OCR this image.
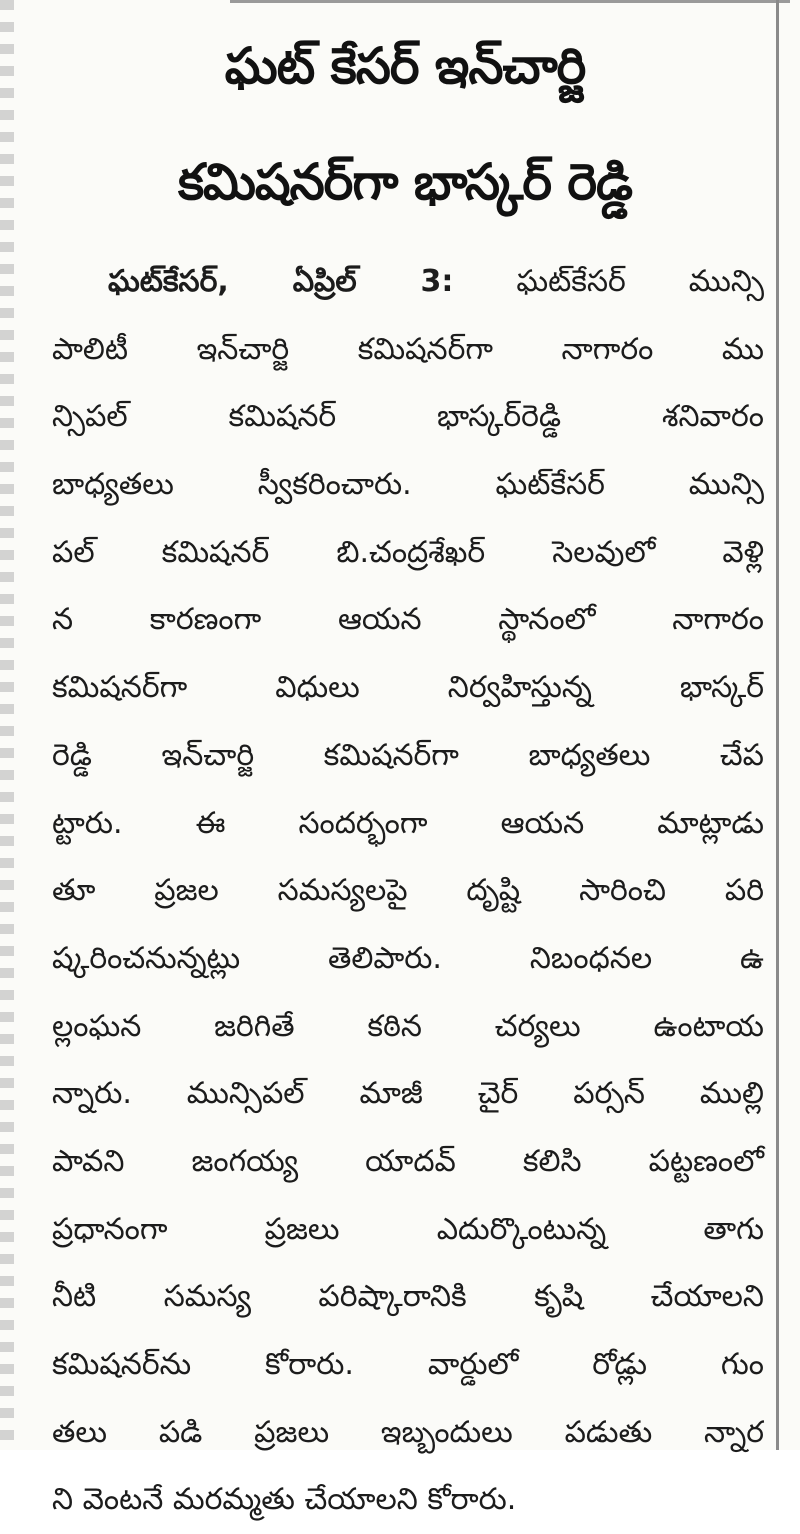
ఘట్ కేసర్ ఇన్‌చార్జి
కమిషనర్‌గా భాస్కర్ రెడ్డి
ఘట్‌కేసర్, ఏప్రిల్ 3: ఘట్‌కేసర్ మున్సి
పాలిటీ ఇన్‌చార్జి కమిషనర్‌గా నాగారం ము
న్సిపల్ కమిషనర్ భాస్కర్‌రెడ్డి శనివారం
బాధ్యతలు స్వీకరించారు. ఘట్‌కేసర్ మున్సి
పల్ కమిషనర్ బి.చంద్రశేఖర్ సెలవులో వెళ్లి
న కారణంగా ఆయన స్థానంలో నాగారం
కమిషనర్‌గా విధులు నిర్వహిస్తున్న భాస్కర్
రెడ్డి ఇన్‌చార్జి కమిషనర్‌గా బాధ్యతలు చేప
ట్టారు. ఈ సందర్భంగా ఆయన మాట్లాడు
తూ ప్రజల సమస్యలపై దృష్టి సారించి పరి
ష్కరించనున్నట్లు తెలిపారు. నిబంధనల ఉ
ల్లంఘన జరిగితే కఠిన చర్యలు ఉంటాయ
న్నారు. మున్సిపల్ మాజీ చైర్ పర్సన్ ముల్లి
పావని జంగయ్య యాదవ్ కలిసి పట్టణంలో
ప్రధానంగా ప్రజలు ఎదుర్కొంటున్న తాగు
నీటి సమస్య పరిష్కారానికి కృషి చేయాలని
కమిషనర్‌ను కోరారు. వార్డులో రోడ్లు గుం
తలు పడి ప్రజలు ఇబ్బందులు పడుతు న్నార
ని వెంటనే మరమ్మతు చేయాలని కోరారు.
